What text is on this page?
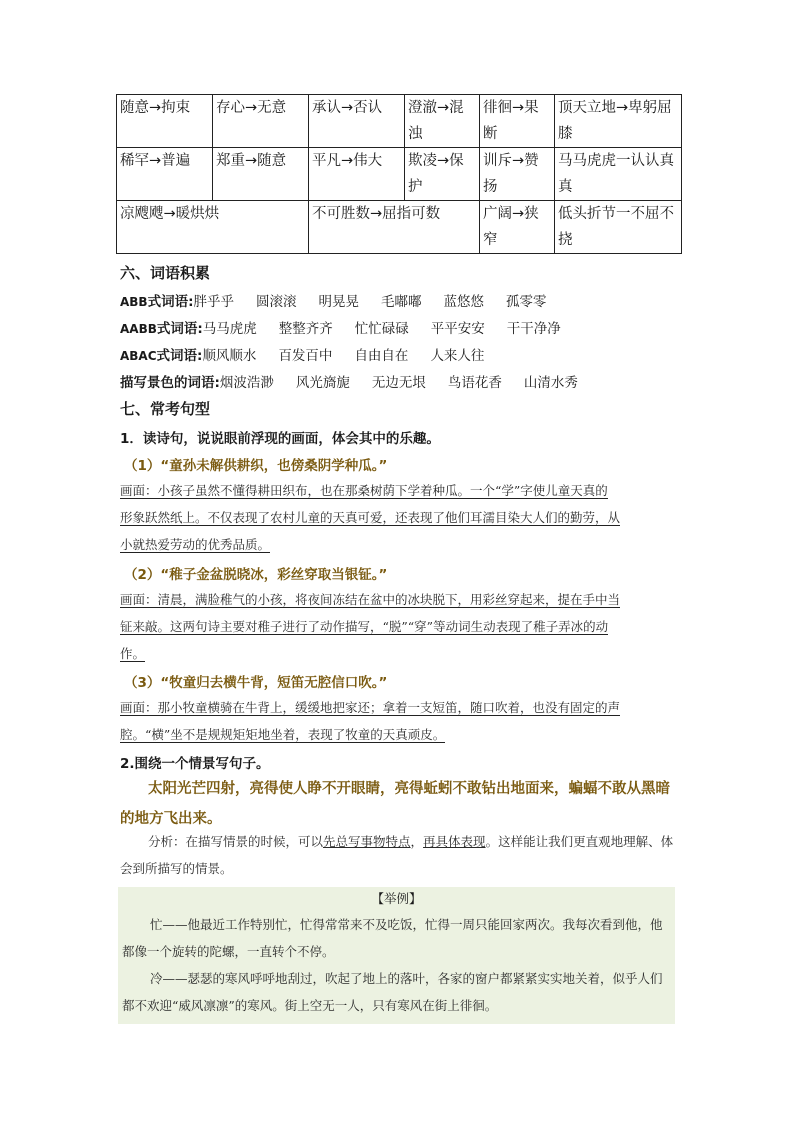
随意→拘束	存心→无意	承认→否认	澄澈→混浊	徘徊→果断	顶天立地→卑躬屈膝
稀罕→普遍	郑重→随意	平凡→伟大	欺凌→保护	训斥→赞扬	马马虎虎一认认真真
凉飕飕→暖烘烘		不可胜数→屈指可数		广阔→狭窄	低头折节一不屈不挠
六、词语积累
ABB式词语:胖乎乎 圆滚滚 明晃晃 毛嘟嘟 蓝悠悠 孤零零
AABB式词语:马马虎虎 整整齐齐 忙忙碌碌 平平安安 干干净净
ABAC式词语:顺风顺水 百发百中 自由自在 人来人往
描写景色的词语:烟波浩渺 风光旖旎 无边无垠 鸟语花香 山清水秀
七、常考句型
1．读诗句，说说眼前浮现的画面，体会其中的乐趣。
（1）“童孙未解供耕织，也傍桑阴学种瓜。”
画面：小孩子虽然不懂得耕田织布，也在那桑树荫下学着种瓜。一个“学”字使儿童天真的
形象跃然纸上。不仅表现了农村儿童的天真可爱，还表现了他们耳濡目染大人们的勤劳，从
小就热爱劳动的优秀品质。
（2）“稚子金盆脱晓冰，彩丝穿取当银钲。”
画面：清晨，满脸稚气的小孩，将夜间冻结在盆中的冰块脱下，用彩丝穿起来，提在手中当
钲来敲。这两句诗主要对稚子进行了动作描写，“脱”“穿”等动词生动表现了稚子弄冰的动
作。
（3）“牧童归去横牛背，短笛无腔信口吹。”
画面：那小牧童横骑在牛背上，缓缓地把家还；拿着一支短笛，随口吹着，也没有固定的声
腔。“横”坐不是规规矩矩地坐着，表现了牧童的天真顽皮。
2.围绕一个情景写句子。
太阳光芒四射，亮得使人睁不开眼睛，亮得蚯蚓不敢钻出地面来，蝙蝠不敢从黑暗的地方飞出来。
分析：在描写情景的时候，可以先总写事物特点，再具体表现。这样能让我们更直观地理解、体会到所描写的情景。
【举例】

忙——他最近工作特别忙，忙得常常来不及吃饭，忙得一周只能回家两次。我每次看到他，他都像一个旋转的陀螺，一直转个不停。

冷——瑟瑟的寒风呼呼地刮过，吹起了地上的落叶，各家的窗户都紧紧实实地关着，似乎人们都不欢迎“威风凛凛”的寒风。街上空无一人，只有寒风在街上徘徊。
